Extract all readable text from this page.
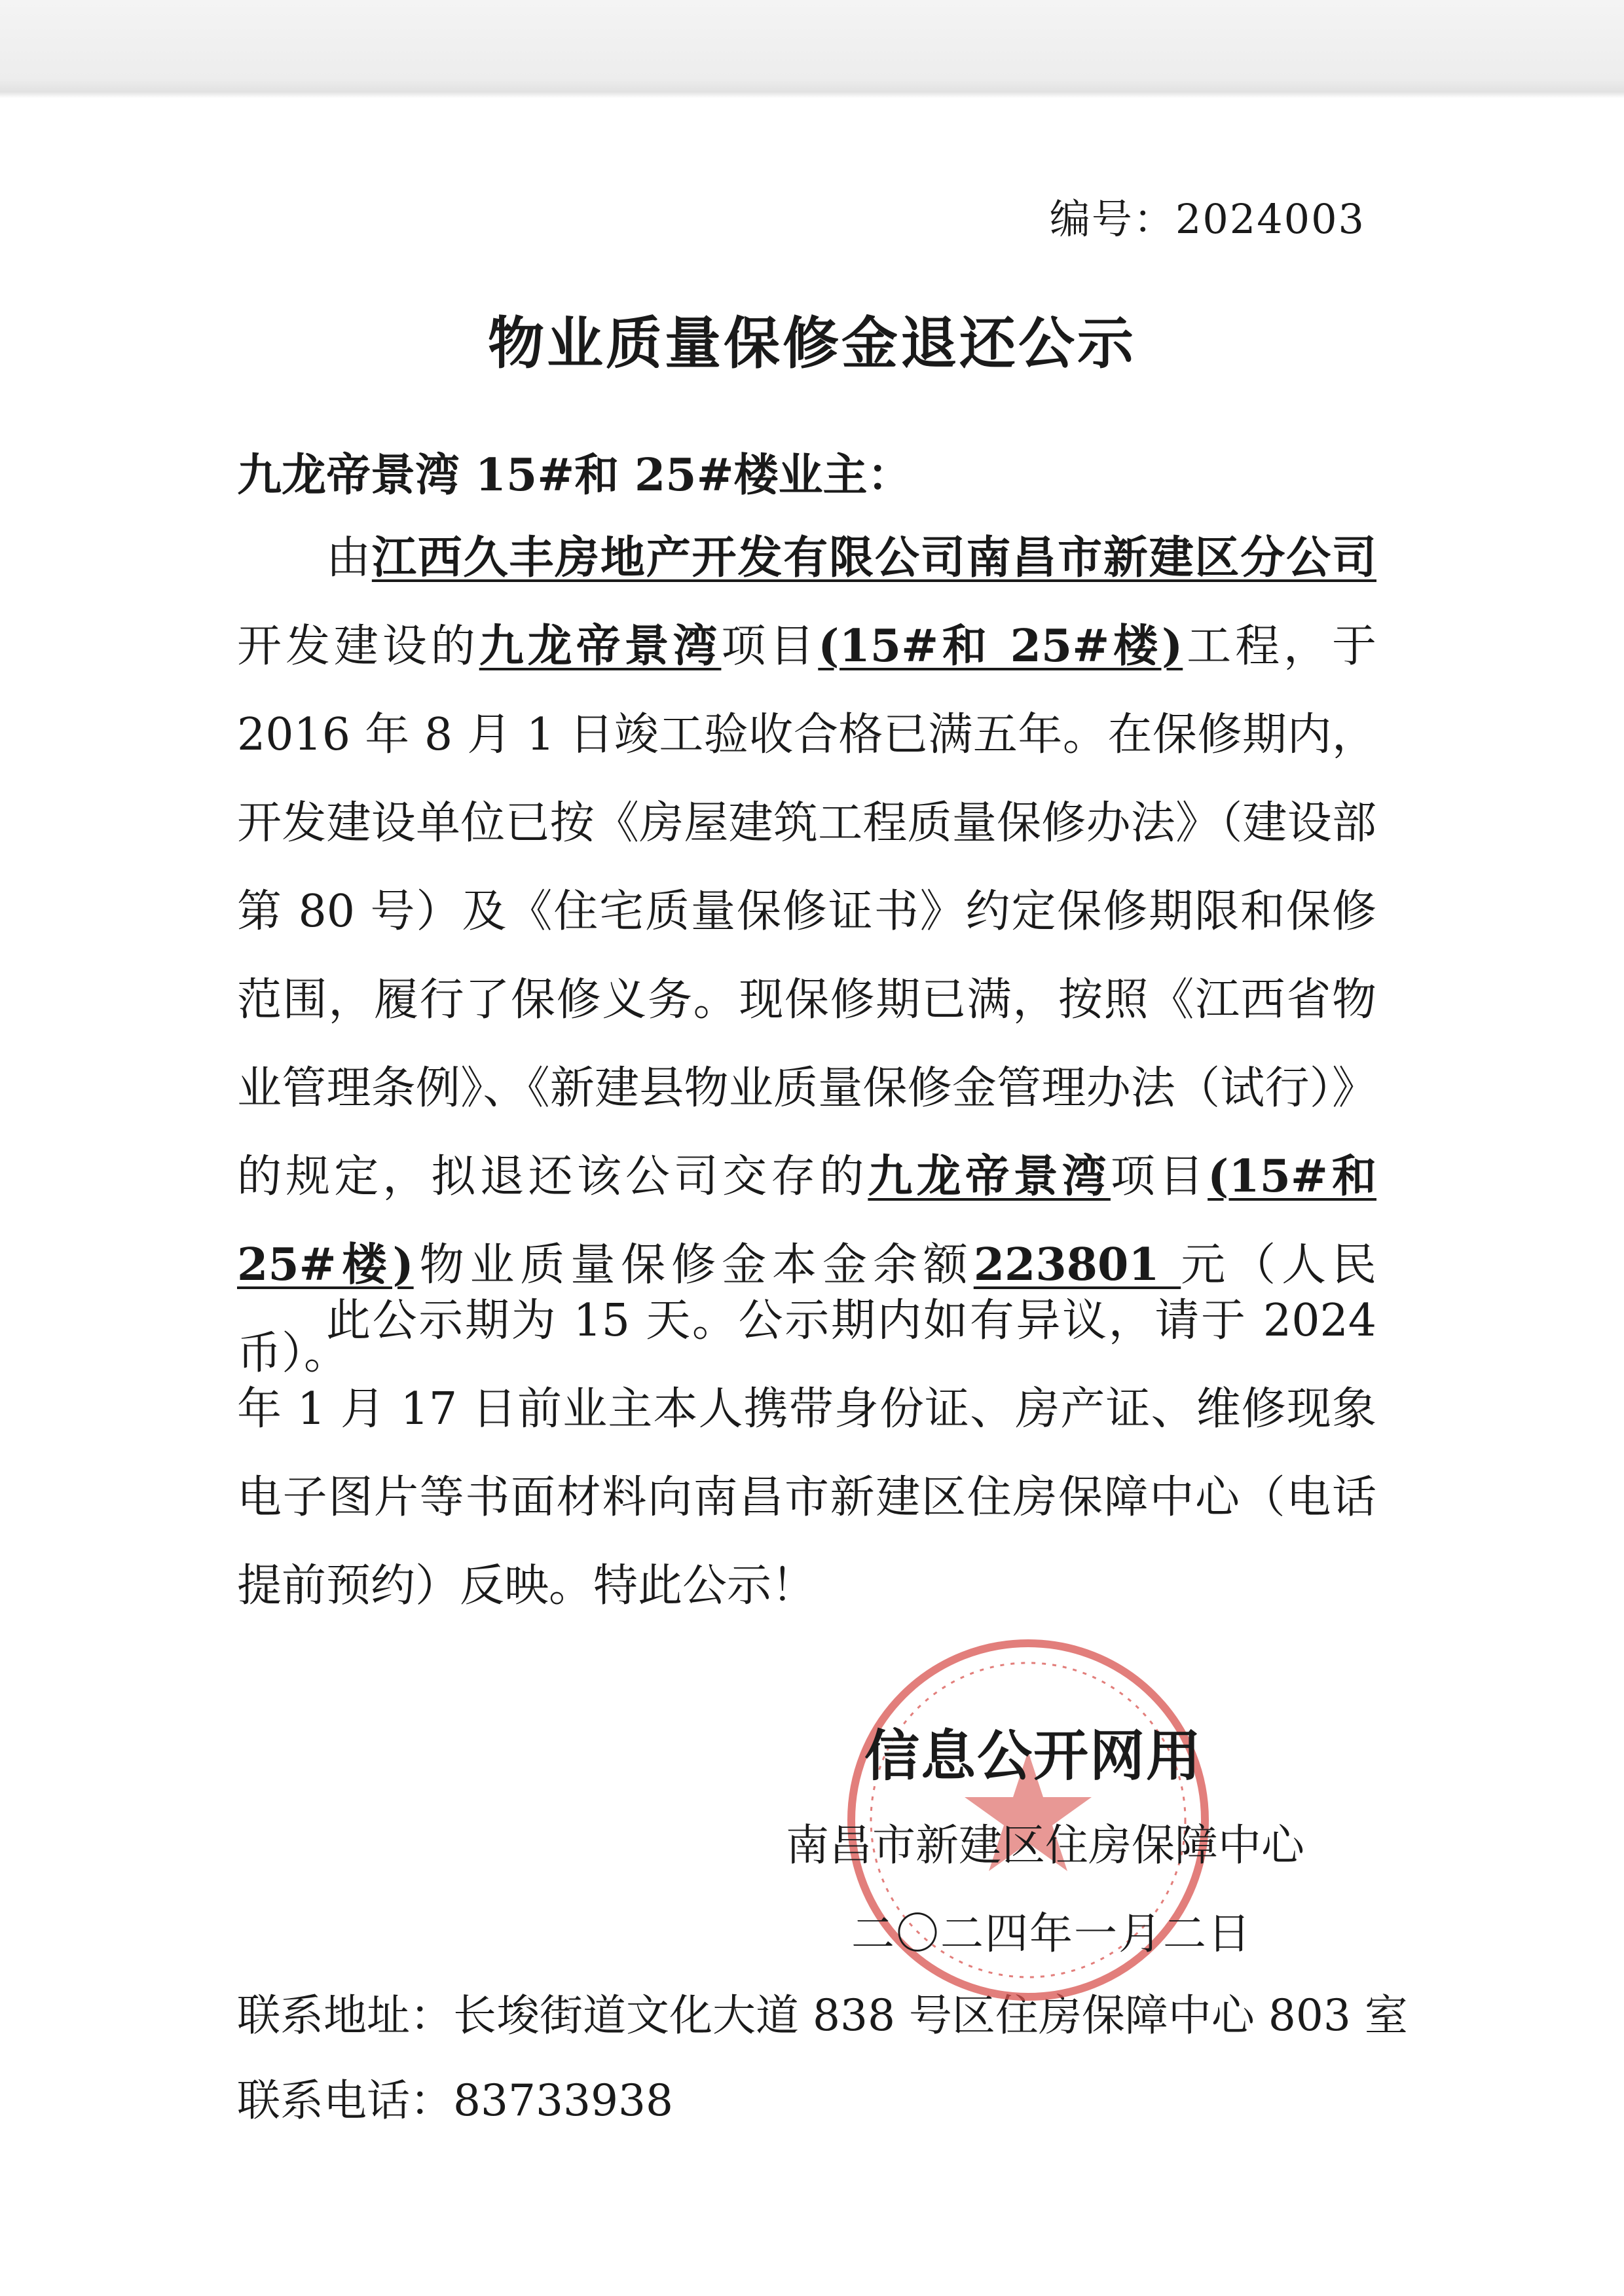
编号：2024003
物业质量保修金退还公示
九龙帝景湾 15#和 25#楼业主：

由江西久丰房地产开发有限公司南昌市新建区分公司开发建设的九龙帝景湾项目(15#和 25#楼)工程，于 2016 年 8 月 1 日竣工验收合格已满五年。在保修期内，开发建设单位已按《房屋建筑工程质量保修办法》（建设部第 80 号）及《住宅质量保修证书》约定保修期限和保修范围，履行了保修义务。现保修期已满，按照《江西省物业管理条例》、《新建县物业质量保修金管理办法（试行）》的规定，拟退还该公司交存的九龙帝景湾项目(15#和 25#楼)物业质量保修金本金余额223801 元（人民币）。

此公示期为 15 天。公示期内如有异议，请于 2024 年 1 月 17 日前业主本人携带身份证、房产证、维修现象电子图片等书面材料向南昌市新建区住房保障中心（电话提前预约）反映。特此公示！

信息公开网用
南昌市新建区住房保障中心
二〇二四年一月二日
联系地址：长埈街道文化大道 838 号区住房保障中心 803 室
联系电话：83733938
